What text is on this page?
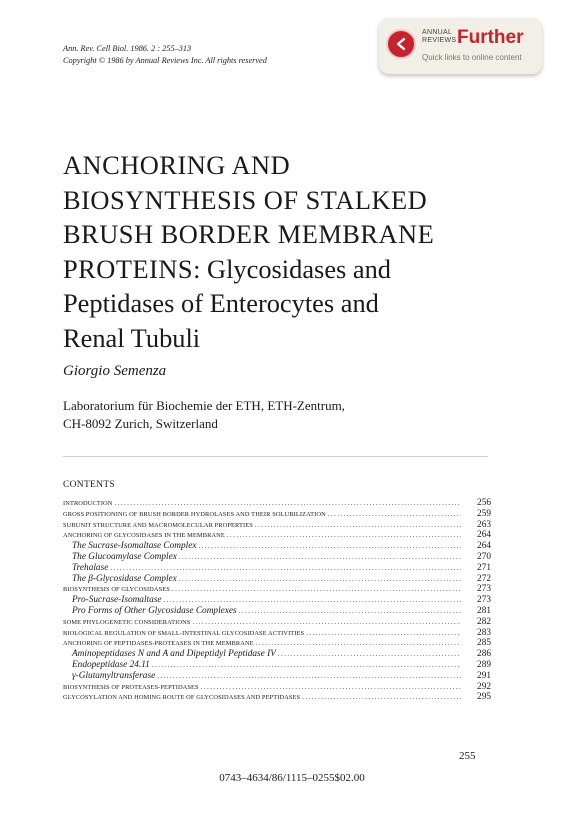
Ann. Rev. Cell Biol. 1986. 2 : 255–313
Copyright © 1986 by Annual Reviews Inc. All rights reserved
ANNUAL
REVIEWS Further
Quick links to online content
ANCHORING AND
BIOSYNTHESIS OF STALKED
BRUSH BORDER MEMBRANE
PROTEINS: Glycosidases and
Peptidases of Enterocytes and
Renal Tubuli
Giorgio Semenza
Laboratorium für Biochemie der ETH, ETH-Zentrum,
CH-8092 Zurich, Switzerland
CONTENTS
INTRODUCTION .....	256
GROSS POSITIONING OF BRUSH BORDER HYDROLASES AND THEIR SOLUBILIZATION .....	259
SUBUNIT STRUCTURE AND MACROMOLECULAR PROPERTIES .....	263
ANCHORING OF GLYCOSIDASES IN THE MEMBRANE .....	264
The Sucrase-Isomaltase Complex .....	264
The Glucoamylase Complex .....	270
Trehalase .....	271
The β-Glycosidase Complex .....	272
BIOSYNTHESIS OF GLYCOSIDASES .....	273
Pro-Sucrase-Isomaltase .....	273
Pro Forms of Other Glycosidase Complexes .....	281
SOME PHYLOGENETIC CONSIDERATIONS .....	282
BIOLOGICAL REGULATION OF SMALL-INTESTINAL GLYCOSIDASE ACTIVITIES .....	283
ANCHORING OF PEPTIDASES-PROTEASES IN THE MEMBRANE .....	285
Aminopeptidases N and A and Dipeptidyl Peptidase IV .....	286
Endopeptidase 24.11 .....	289
γ-Glutamyltransferase .....	291
BIOSYNTHESIS OF PROTEASES-PEPTIDASES .....	292
GLYCOSYLATION AND HOMING ROUTE OF GLYCOSIDASES AND PEPTIDASES .....	295
255
0743–4634/86/1115–0255$02.00
